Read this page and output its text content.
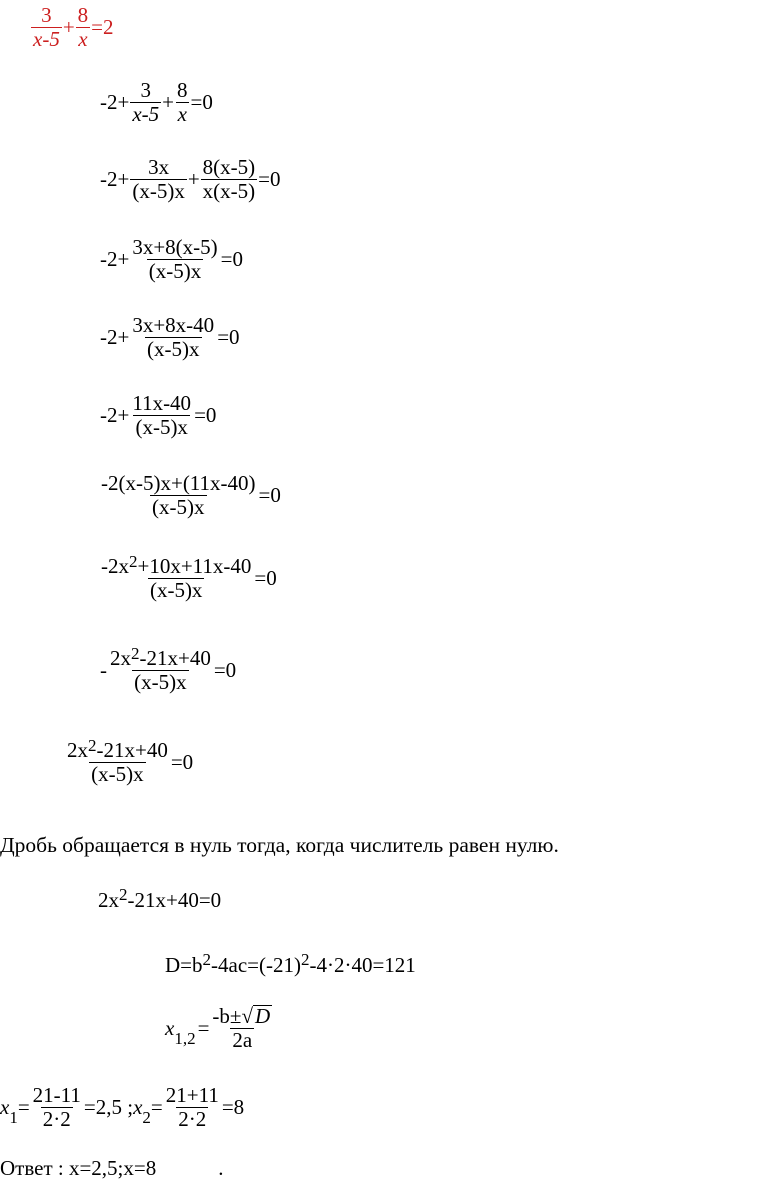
$\frac{3}{x-5} + \frac{8}{x} =2$
$-2+ \frac{3}{x-5} + \frac{8}{x} =0$
$-2+ \frac{3x}{(x-5)x} + \frac{8(x-5)}{x(x-5)} =0$
$-2+ \frac{3x+8(x-5)}{(x-5)x} =0$
$-2+ \frac{3x+8x-40}{(x-5)x} =0$
$-2+ \frac{11x-40}{(x-5)x} =0$
$\frac{-2(x-5)x+(11x-40)}{(x-5)x} =0$
$\frac{-2x^2+10x+11x-40}{(x-5)x} =0$
- $\frac{2x^2-21x+40}{(x-5)x} =0$
$\frac{2x^2-21x+40}{(x-5)x} =0$
Дробь обращается в нуль тогда, когда числитель равен нулю.
$2x^2$ -21x+40=0
$D=b^2$ $-4ac=(-21)^2$ -4·2·40=121
$x_{1,2} = \frac{-b\pm √ D}{2a}$
$x_1 = \frac{21-11}{2\cdot 2} =2,5$ ; $x_2 = \frac{21+11}{2\cdot 2} =8$
Ответ : x=2,5;x=8	.
